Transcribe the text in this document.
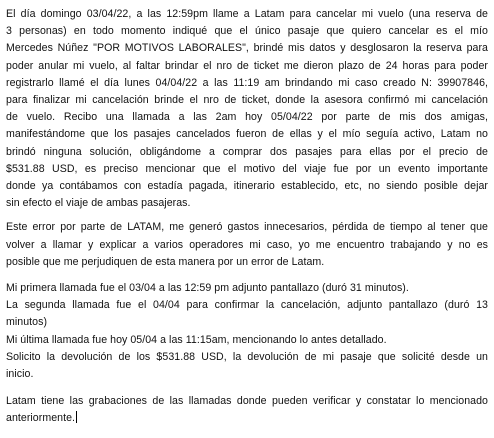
El día domingo 03/04/22, a las 12:59pm llame a Latam para cancelar mi vuelo (una reserva de
3 personas) en todo momento indiqué que el único pasaje que quiero cancelar es el mío
Mercedes Núñez "POR MOTIVOS LABORALES", brindé mis datos y desglosaron la reserva para
poder anular mi vuelo, al faltar brindar el nro de ticket me dieron plazo de 24 horas para poder
registrarlo llamé el día lunes 04/04/22 a las 11:19 am brindando mi caso creado N: 39907846,
para finalizar mi cancelación brinde el nro de ticket, donde la asesora confirmó mi cancelación
de vuelo. Recibo una llamada a las 2am hoy 05/04/22 por parte de mis dos amigas,
manifestándome que los pasajes cancelados fueron de ellas y el mío seguía activo, Latam no
brindó ninguna solución, obligándome a comprar dos pasajes para ellas por el precio de
$531.88 USD, es preciso mencionar que el motivo del viaje fue por un evento importante
donde ya contábamos con estadía pagada, itinerario establecido, etc, no siendo posible dejar
sin efecto el viaje de ambas pasajeras.

Este error por parte de LATAM, me generó gastos innecesarios, pérdida de tiempo al tener que
volver a llamar y explicar a varios operadores mi caso, yo me encuentro trabajando y no es
posible que me perjudiquen de esta manera por un error de Latam.

Mi primera llamada fue el 03/04 a las 12:59 pm adjunto pantallazo (duró 31 minutos).
La segunda llamada fue el 04/04 para confirmar la cancelación, adjunto pantallazo (duró 13
minutos)
Mi última llamada fue hoy 05/04 a las 11:15am, mencionando lo antes detallado.
Solicito la devolución de los $531.88 USD, la devolución de mi pasaje que solicité desde un
inicio.

Latam tiene las grabaciones de las llamadas donde pueden verificar y constatar lo mencionado
anteriormente.
